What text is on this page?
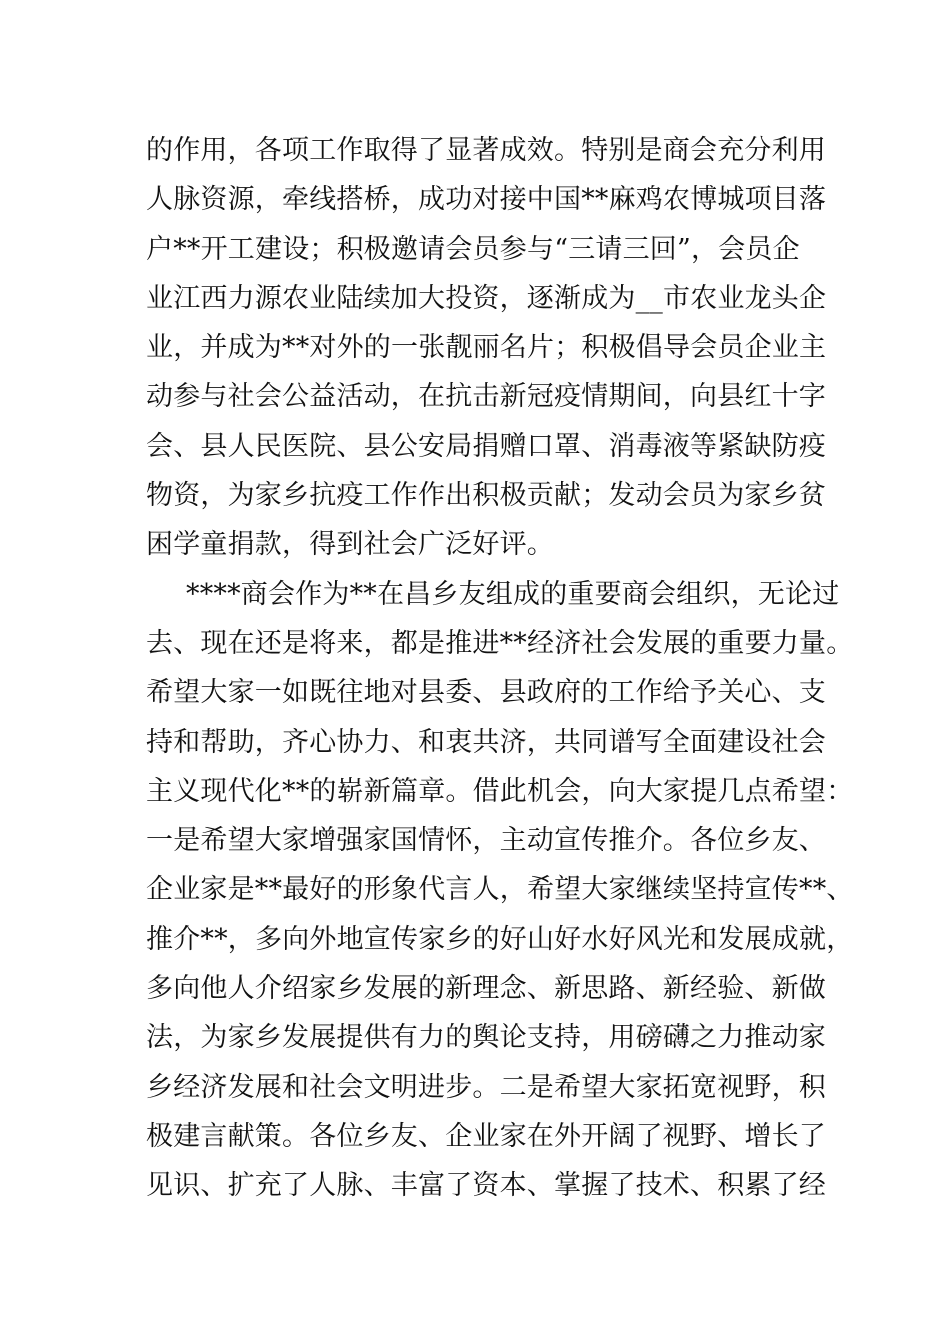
的作用，各项工作取得了显著成效。特别是商会充分利用
人脉资源，牵线搭桥，成功对接中国**麻鸡农博城项目落
户**开工建设；积极邀请会员参与“三请三回”，会员企
业江西力源农业陆续加大投资，逐渐成为__市农业龙头企
业，并成为**对外的一张靓丽名片；积极倡导会员企业主
动参与社会公益活动，在抗击新冠疫情期间，向县红十字
会、县人民医院、县公安局捐赠口罩、消毒液等紧缺防疫
物资，为家乡抗疫工作作出积极贡献；发动会员为家乡贫
困学童捐款，得到社会广泛好评。
****商会作为**在昌乡友组成的重要商会组织，无论过
去、现在还是将来，都是推进**经济社会发展的重要力量。
希望大家一如既往地对县委、县政府的工作给予关心、支
持和帮助，齐心协力、和衷共济，共同谱写全面建设社会
主义现代化**的崭新篇章。借此机会，向大家提几点希望：
一是希望大家增强家国情怀，主动宣传推介。各位乡友、
企业家是**最好的形象代言人，希望大家继续坚持宣传**、
推介**，多向外地宣传家乡的好山好水好风光和发展成就，
多向他人介绍家乡发展的新理念、新思路、新经验、新做
法，为家乡发展提供有力的舆论支持，用磅礴之力推动家
乡经济发展和社会文明进步。二是希望大家拓宽视野，积
极建言献策。各位乡友、企业家在外开阔了视野、增长了
见识、扩充了人脉、丰富了资本、掌握了技术、积累了经
